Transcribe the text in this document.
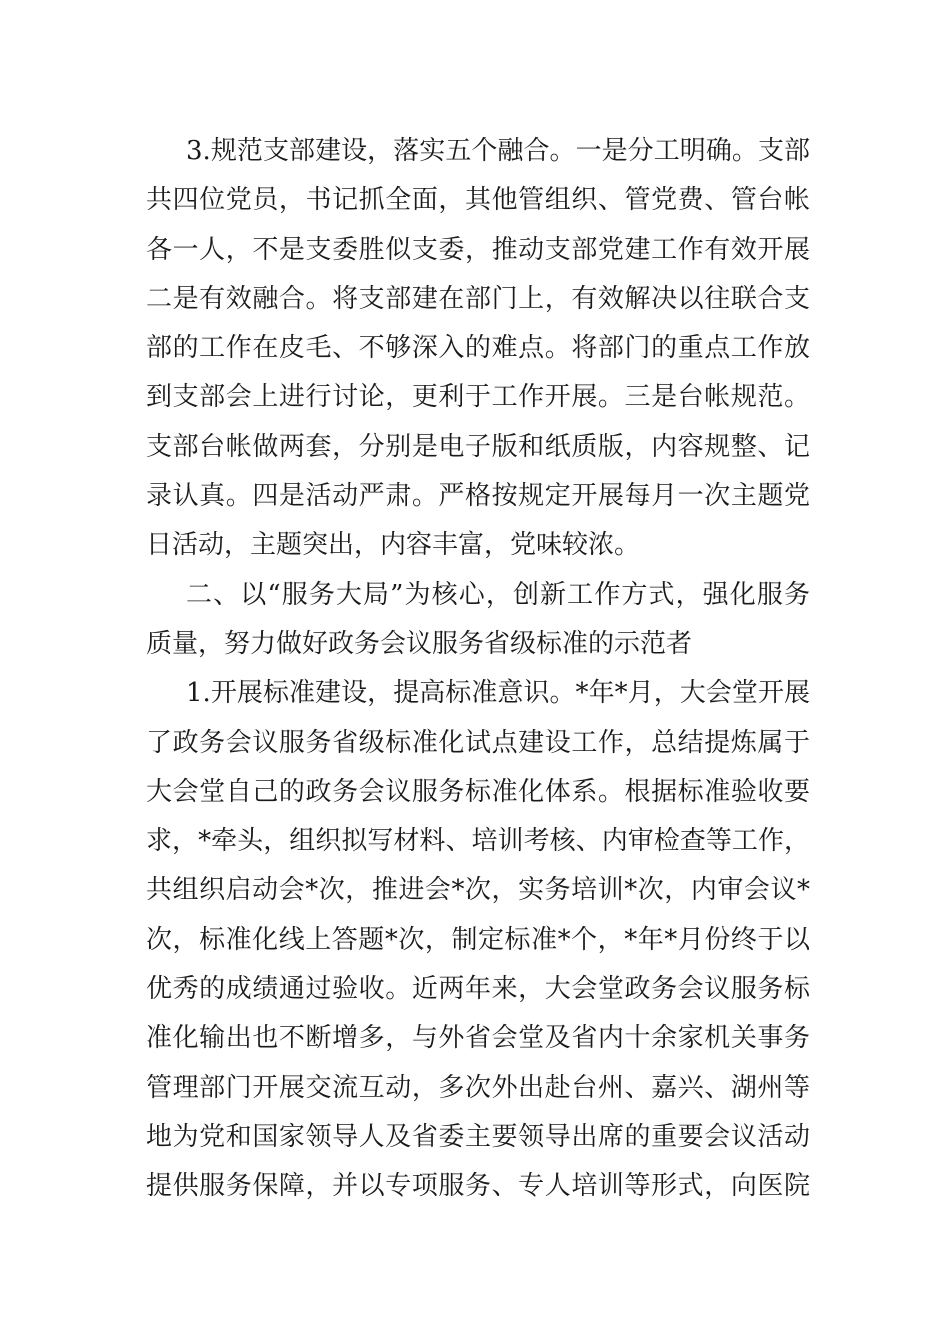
3.规范支部建设，落实五个融合。一是分工明确。支部
共四位党员，书记抓全面，其他管组织、管党费、管台帐
各一人，不是支委胜似支委，推动支部党建工作有效开展
二是有效融合。将支部建在部门上，有效解决以往联合支
部的工作在皮毛、不够深入的难点。将部门的重点工作放
到支部会上进行讨论，更利于工作开展。三是台帐规范。
支部台帐做两套，分别是电子版和纸质版，内容规整、记
录认真。四是活动严肃。严格按规定开展每月一次主题党
日活动，主题突出，内容丰富，党味较浓。
二、以“服务大局”为核心，创新工作方式，强化服务
质量，努力做好政务会议服务省级标准的示范者
1.开展标准建设，提高标准意识。*年*月，大会堂开展
了政务会议服务省级标准化试点建设工作，总结提炼属于
大会堂自己的政务会议服务标准化体系。根据标准验收要
求，*牵头，组织拟写材料、培训考核、内审检查等工作，
共组织启动会*次，推进会*次，实务培训*次，内审会议*
次，标准化线上答题*次，制定标准*个，*年*月份终于以
优秀的成绩通过验收。近两年来，大会堂政务会议服务标
准化输出也不断增多，与外省会堂及省内十余家机关事务
管理部门开展交流互动，多次外出赴台州、嘉兴、湖州等
地为党和国家领导人及省委主要领导出席的重要会议活动
提供服务保障，并以专项服务、专人培训等形式，向医院
